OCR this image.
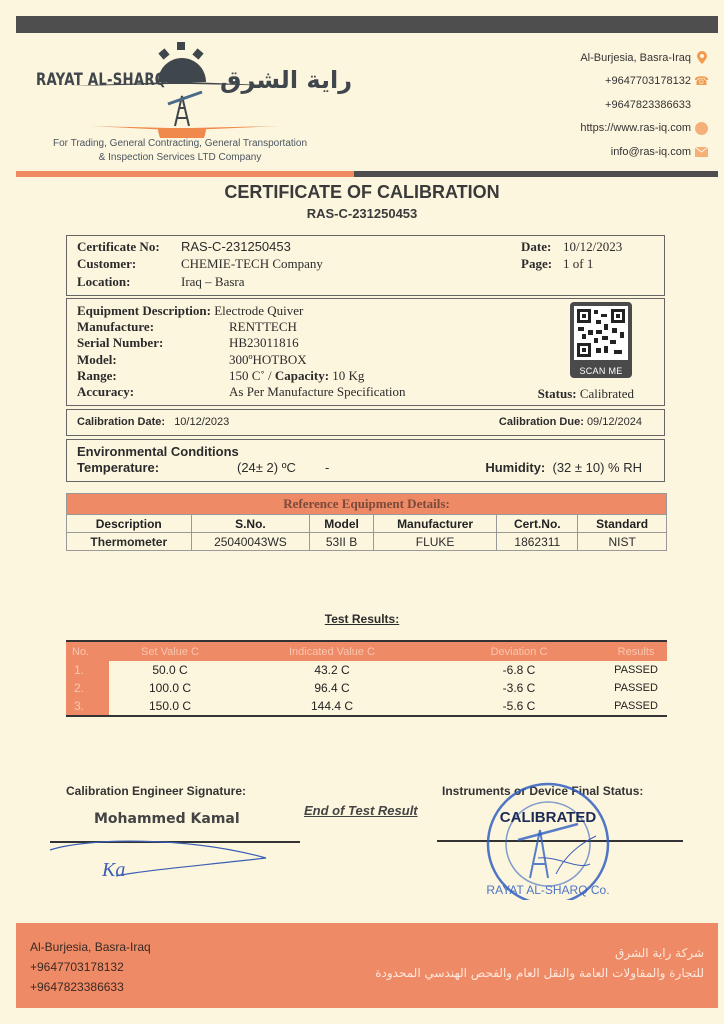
RAYAT AL-SHARQ راية الشرق
For Trading, General Contracting, General Transportation
& Inspection Services LTD Company
Al-Burjesia, Basra-Iraq
+9647703178132 ☎
+9647823386633
https://www.ras-iq.com
info@ras-iq.com
CERTIFICATE OF CALIBRATION
RAS-C-231250453
Certificate No:	RAS-C-231250453
Customer:	CHEMIE-TECH Company
Location:	Iraq – Basra
Date: 10/12/2023
Page: 1 of 1
Equipment Description: Electrode Quiver
Manufacture:	RENTTECH
Serial Number:	HB23011816
Model:	300ºHOTBOX
Range:	150 C˚ / Capacity:
10 Kg
Accuracy:	As Per Manufacture Specification	Status: Calibrated
SCAN ME
Calibration Date: 10/12/2023	Calibration Due: 09/12/2024
Environmental Conditions
Temperature:	(24± 2) ºC	-	Humidity: (32 ± 10) % RH
Reference Equipment Details:					
Description	S.No.	Model	Manufacturer	Cert.No.	Standard
Thermometer	25040043WS	53II B	FLUKE	1862311	NIST
Test Results:
No.	Set Value C	Indicated Value C	Deviation C	Results
1.	50.0 C	43.2 C	-6.8 C	PASSED
2.	100.0 C	96.4 C	-3.6 C	PASSED
3.	150.0 C	144.4 C	-5.6 C	PASSED
Calibration Engineer Signature:
Mohammed Kamal
End of Test Result
Instruments or Device Final Status:
Ka
CALIBRATED
RAYAT AL-SHARQ Co.
Al-Burjesia, Basra-Iraq
+9647703178132
+9647823386633
شركة راية الشرق
للتجارة والمقاولات العامة والنقل العام والفحص الهندسي المحدودة
